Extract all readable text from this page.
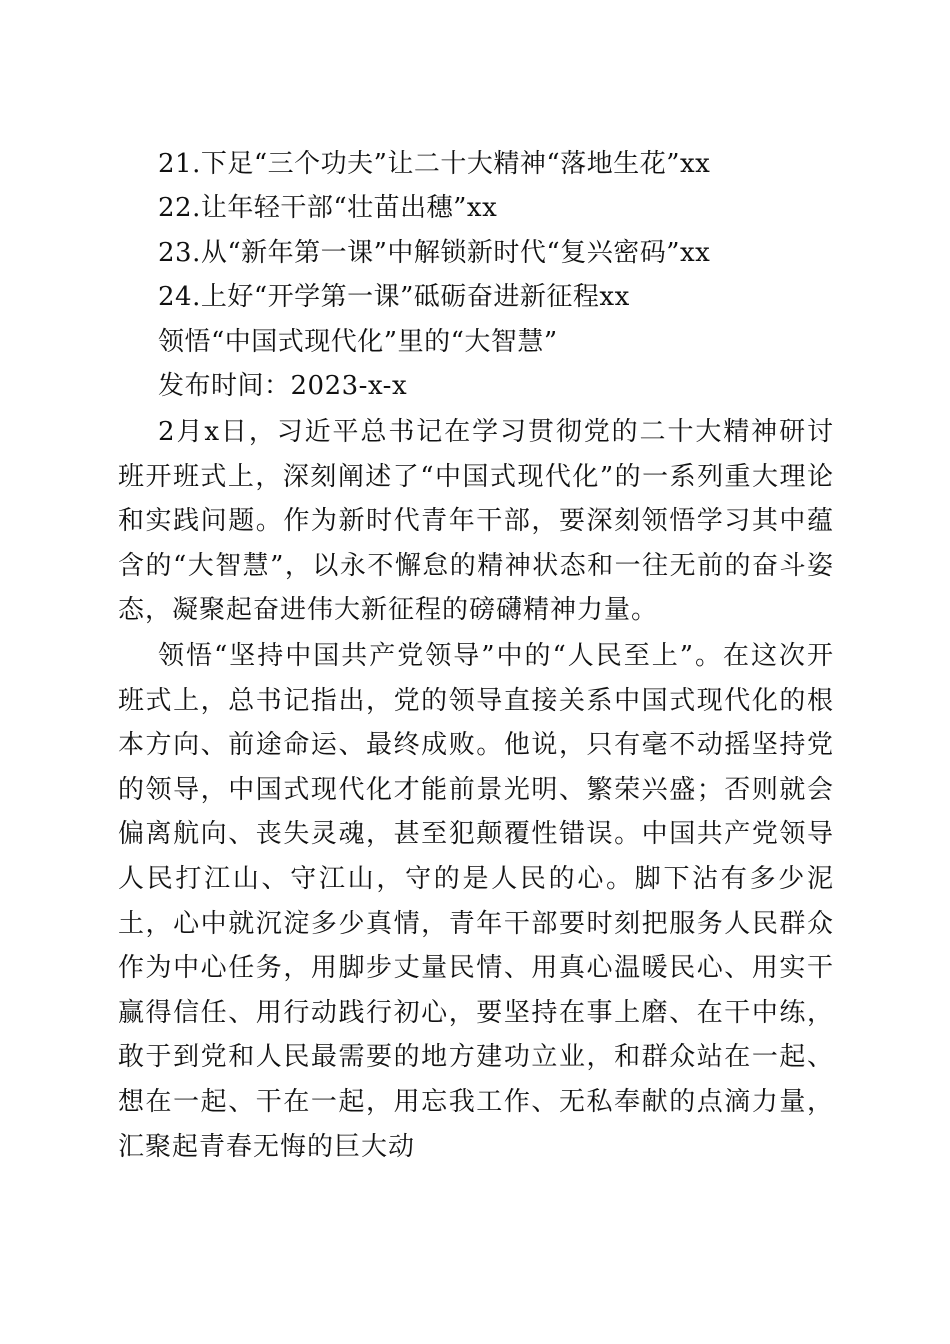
21.下足“三个功夫”让二十大精神“落地生花”xx
22.让年轻干部“壮苗出穗”xx
23.从“新年第一课”中解锁新时代“复兴密码”xx
24.上好“开学第一课”砥砺奋进新征程xx
领悟“中国式现代化”里的“大智慧”
发布时间：2023-x-x
2月x日，习近平总书记在学习贯彻党的二十大精神研讨班开班式上，深刻阐述了“中国式现代化”的一系列重大理论和实践问题。作为新时代青年干部，要深刻领悟学习其中蕴含的“大智慧”，以永不懈怠的精神状态和一往无前的奋斗姿态，凝聚起奋进伟大新征程的磅礴精神力量。
领悟“坚持中国共产党领导”中的“人民至上”。在这次开班式上，总书记指出，党的领导直接关系中国式现代化的根本方向、前途命运、最终成败。他说，只有毫不动摇坚持党的领导，中国式现代化才能前景光明、繁荣兴盛；否则就会偏离航向、丧失灵魂，甚至犯颠覆性错误。中国共产党领导人民打江山、守江山，守的是人民的心。脚下沾有多少泥土，心中就沉淀多少真情，青年干部要时刻把服务人民群众作为中心任务，用脚步丈量民情、用真心温暖民心、用实干赢得信任、用行动践行初心，要坚持在事上磨、在干中练，敢于到党和人民最需要的地方建功立业，和群众站在一起、想在一起、干在一起，用忘我工作、无私奉献的点滴力量，汇聚起青春无悔的巨大动
